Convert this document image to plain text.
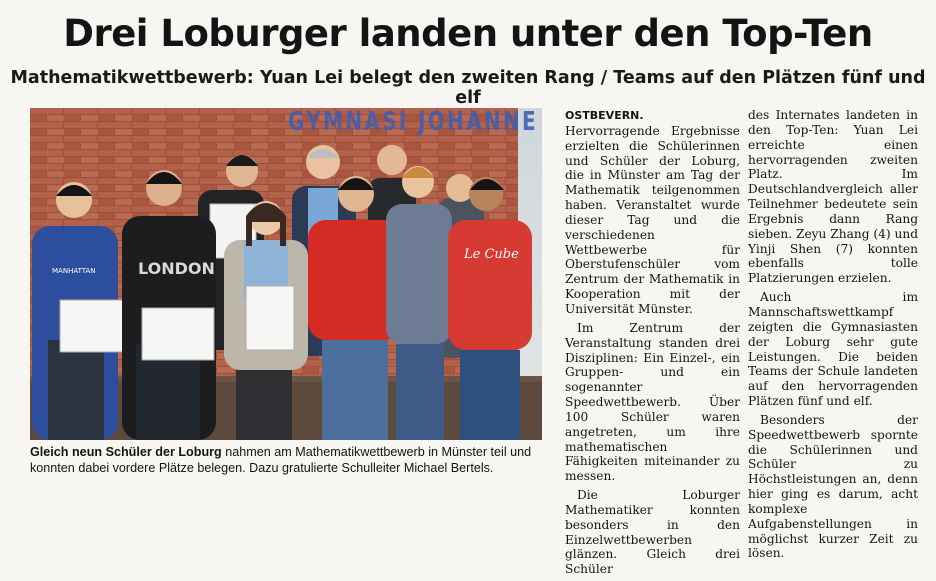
Drei Loburger landen unter den Top-Ten
Mathematikwettbewerb: Yuan Lei belegt den zweiten Rang / Teams auf den Plätzen fünf und elf
GYMNASI JOHANNE
MANHATTAN	LONDON
Le Cube

Gleich neun Schüler der Loburg nahmen am Mathematikwettbewerb in Münster teil und konnten dabei vordere Plätze belegen. Dazu gratulierte Schulleiter Michael Bertels.

OSTBEVERN. Hervorragende Ergebnisse erzielten die Schülerinnen und Schüler der Loburg, die in Münster am Tag der Mathematik teilgenommen haben. Veranstaltet wurde dieser Tag und die verschiedenen Wettbewerbe für Oberstufenschüler vom Zentrum der Mathematik in Kooperation mit der Universität Münster.

Im Zentrum der Veranstaltung standen drei Disziplinen: Ein Einzel-, ein Gruppen- und ein sogenannter Speedwettbewerb. Über 100 Schüler waren angetreten, um ihre mathematischen Fähigkeiten miteinander zu messen.

Die Loburger Mathematiker konnten besonders in den Einzelwettbewerben glänzen. Gleich drei Schüler

des Internates landeten in den Top-Ten: Yuan Lei erreichte einen hervorragenden zweiten Platz. Im Deutschlandvergleich aller Teilnehmer bedeutete sein Ergebnis dann Rang sieben. Zeyu Zhang (4) und Yinji Shen (7) konnten ebenfalls tolle Platzierungen erzielen.

Auch im Mannschaftswettkampf zeigten die Gymnasiasten der Loburg sehr gute Leistungen. Die beiden Teams der Schule landeten auf den hervorragenden Plätzen fünf und elf.

Besonders der Speedwettbewerb spornte die Schülerinnen und Schüler zu Höchstleistungen an, denn hier ging es darum, acht komplexe Aufgabenstellungen in möglichst kurzer Zeit zu lösen.
